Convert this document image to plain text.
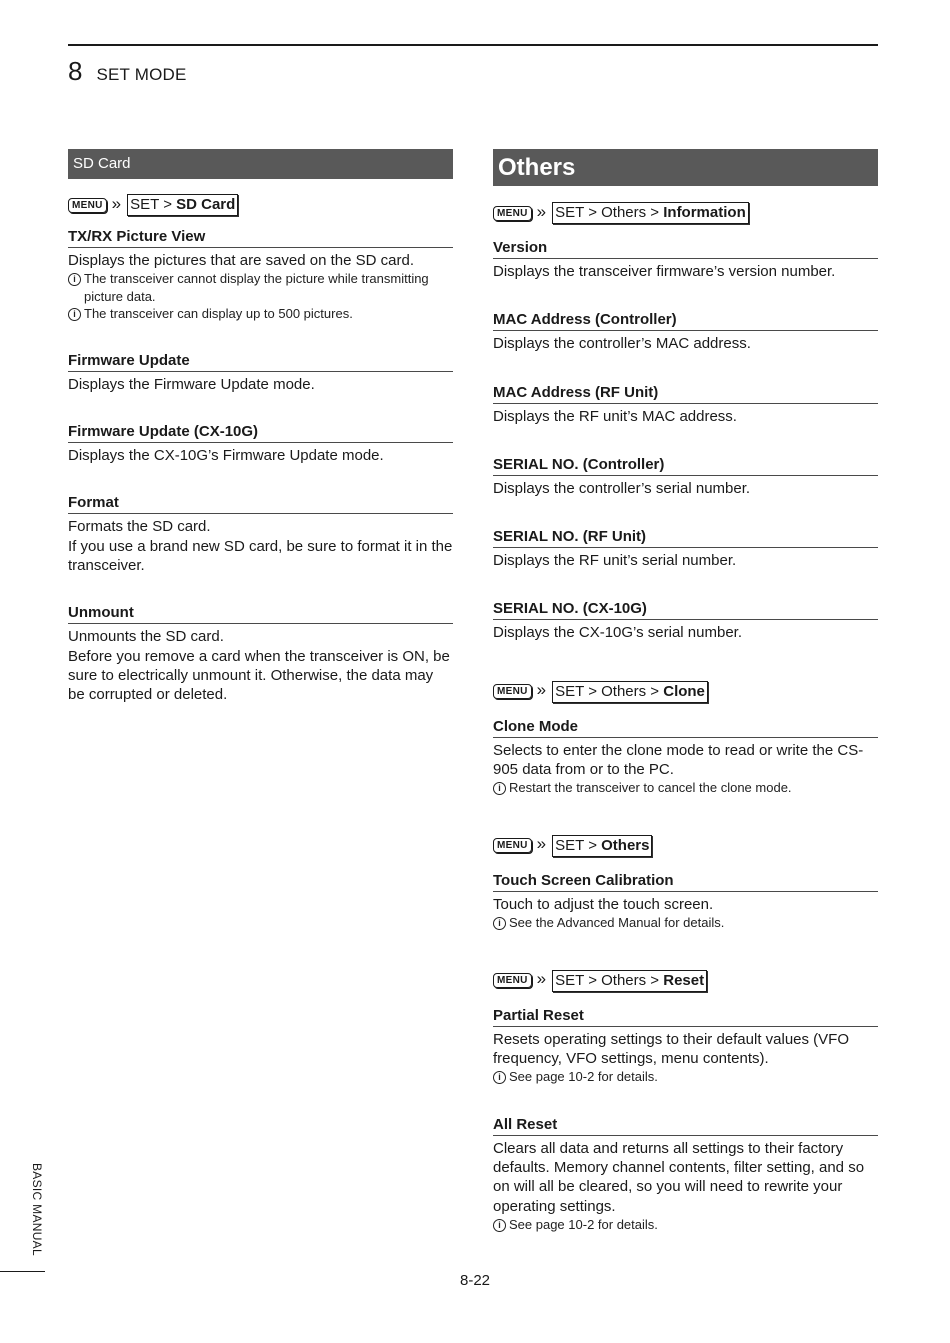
8 SET MODE
SD Card
MENU » SET > SD Card
TX/RX Picture View
Displays the pictures that are saved on the SD card.
i The transceiver cannot display the picture while transmitting picture data.
i The transceiver can display up to 500 pictures.
Firmware Update
Displays the Firmware Update mode.
Firmware Update (CX-10G)
Displays the CX-10G’s Firmware Update mode.
Format
Formats the SD card.
If you use a brand new SD card, be sure to format it in the transceiver.
Unmount
Unmounts the SD card.
Before you remove a card when the transceiver is ON, be sure to electrically unmount it. Otherwise, the data may be corrupted or deleted.
Others
MENU » SET > Others > Information
Version
Displays the transceiver firmware’s version number.
MAC Address (Controller)
Displays the controller’s MAC address.
MAC Address (RF Unit)
Displays the RF unit’s MAC address.
SERIAL NO. (Controller)
Displays the controller’s serial number.
SERIAL NO. (RF Unit)
Displays the RF unit’s serial number.
SERIAL NO. (CX-10G)
Displays the CX-10G’s serial number.
MENU » SET > Others > Clone
Clone Mode
Selects to enter the clone mode to read or write the CS-905 data from or to the PC.
i Restart the transceiver to cancel the clone mode.
MENU » SET > Others
Touch Screen Calibration
Touch to adjust the touch screen.
i See the Advanced Manual for details.
MENU » SET > Others > Reset
Partial Reset
Resets operating settings to their default values (VFO frequency, VFO settings, menu contents).
i See page 10-2 for details.
All Reset
Clears all data and returns all settings to their factory defaults. Memory channel contents, filter setting, and so on will all be cleared, so you will need to rewrite your operating settings.
i See page 10-2 for details.
BASIC MANUAL
8-22
